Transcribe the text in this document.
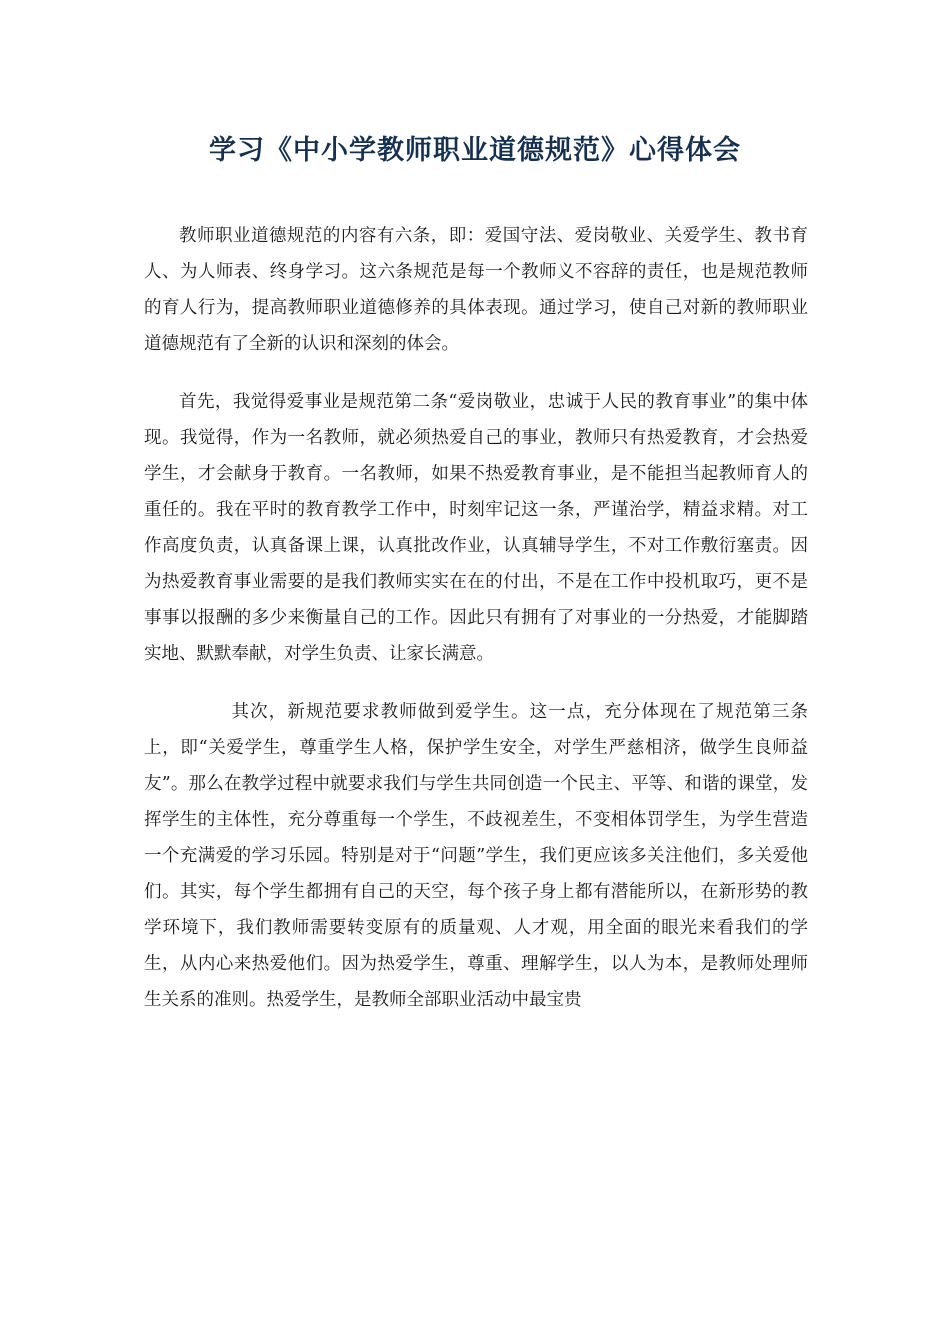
学习《中小学教师职业道德规范》心得体会

教师职业道德规范的内容有六条，即：爱国守法、爱岗敬业、关爱学生、教书育人、为人师表、终身学习。这六条规范是每一个教师义不容辞的责任，也是规范教师的育人行为，提高教师职业道德修养的具体表现。通过学习，使自己对新的教师职业道德规范有了全新的认识和深刻的体会。

首先，我觉得爱事业是规范第二条“爱岗敬业，忠诚于人民的教育事业”的集中体现。我觉得，作为一名教师，就必须热爱自己的事业，教师只有热爱教育，才会热爱学生，才会献身于教育。一名教师，如果不热爱教育事业，是不能担当起教师育人的重任的。我在平时的教育教学工作中，时刻牢记这一条，严谨治学，精益求精。对工作高度负责，认真备课上课，认真批改作业，认真辅导学生，不对工作敷衍塞责。因为热爱教育事业需要的是我们教师实实在在的付出，不是在工作中投机取巧，更不是事事以报酬的多少来衡量自己的工作。因此只有拥有了对事业的一分热爱，才能脚踏实地、默默奉献，对学生负责、让家长满意。

其次，新规范要求教师做到爱学生。这一点，充分体现在了规范第三条上，即“关爱学生，尊重学生人格，保护学生安全，对学生严慈相济，做学生良师益友”。那么在教学过程中就要求我们与学生共同创造一个民主、平等、和谐的课堂，发挥学生的主体性，充分尊重每一个学生，不歧视差生，不变相体罚学生，为学生营造一个充满爱的学习乐园。特别是对于“问题”学生，我们更应该多关注他们，多关爱他们。其实，每个学生都拥有自己的天空，每个孩子身上都有潜能所以，在新形势的教学环境下，我们教师需要转变原有的质量观、人才观，用全面的眼光来看我们的学生，从内心来热爱他们。因为热爱学生，尊重、理解学生，以人为本，是教师处理师生关系的准则。热爱学生，是教师全部职业活动中最宝贵
